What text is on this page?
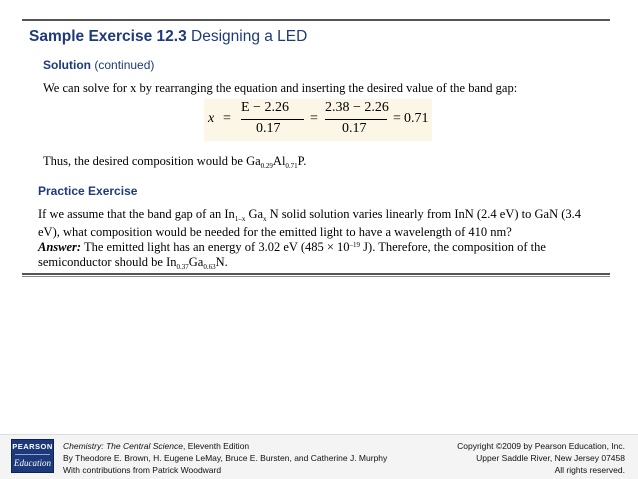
Sample Exercise 12.3 Designing a LED
Solution (continued)
We can solve for x by rearranging the equation and inserting the desired value of the band gap:
x =
E − 2.26
0.17
=
2.38 − 2.26
0.17
= 0.71
Thus, the desired composition would be $Ga_{0.29}Al_{0.71}P$.
Practice Exercise
If we assume that the band gap of an $In_{1-x}$ $Ga_x$ N solid solution varies linearly from InN (2.4 eV) to GaN (3.4
eV), what composition would be needed for the emitted light to have a wavelength of 410 nm?
Answer: The emitted light has an energy of 3.02 eV ($485 \times 10^{-19}$ J). Therefore, the composition of the
semiconductor should be $In_{0.37}Ga_{0.63}N$.
PEARSON
Education
Chemistry: The Central Science, Eleventh Edition
By Theodore E. Brown, H. Eugene LeMay, Bruce E. Bursten, and Catherine J. Murphy
With contributions from Patrick Woodward
Copyright ©2009 by Pearson Education, Inc.
Upper Saddle River, New Jersey 07458
All rights reserved.
